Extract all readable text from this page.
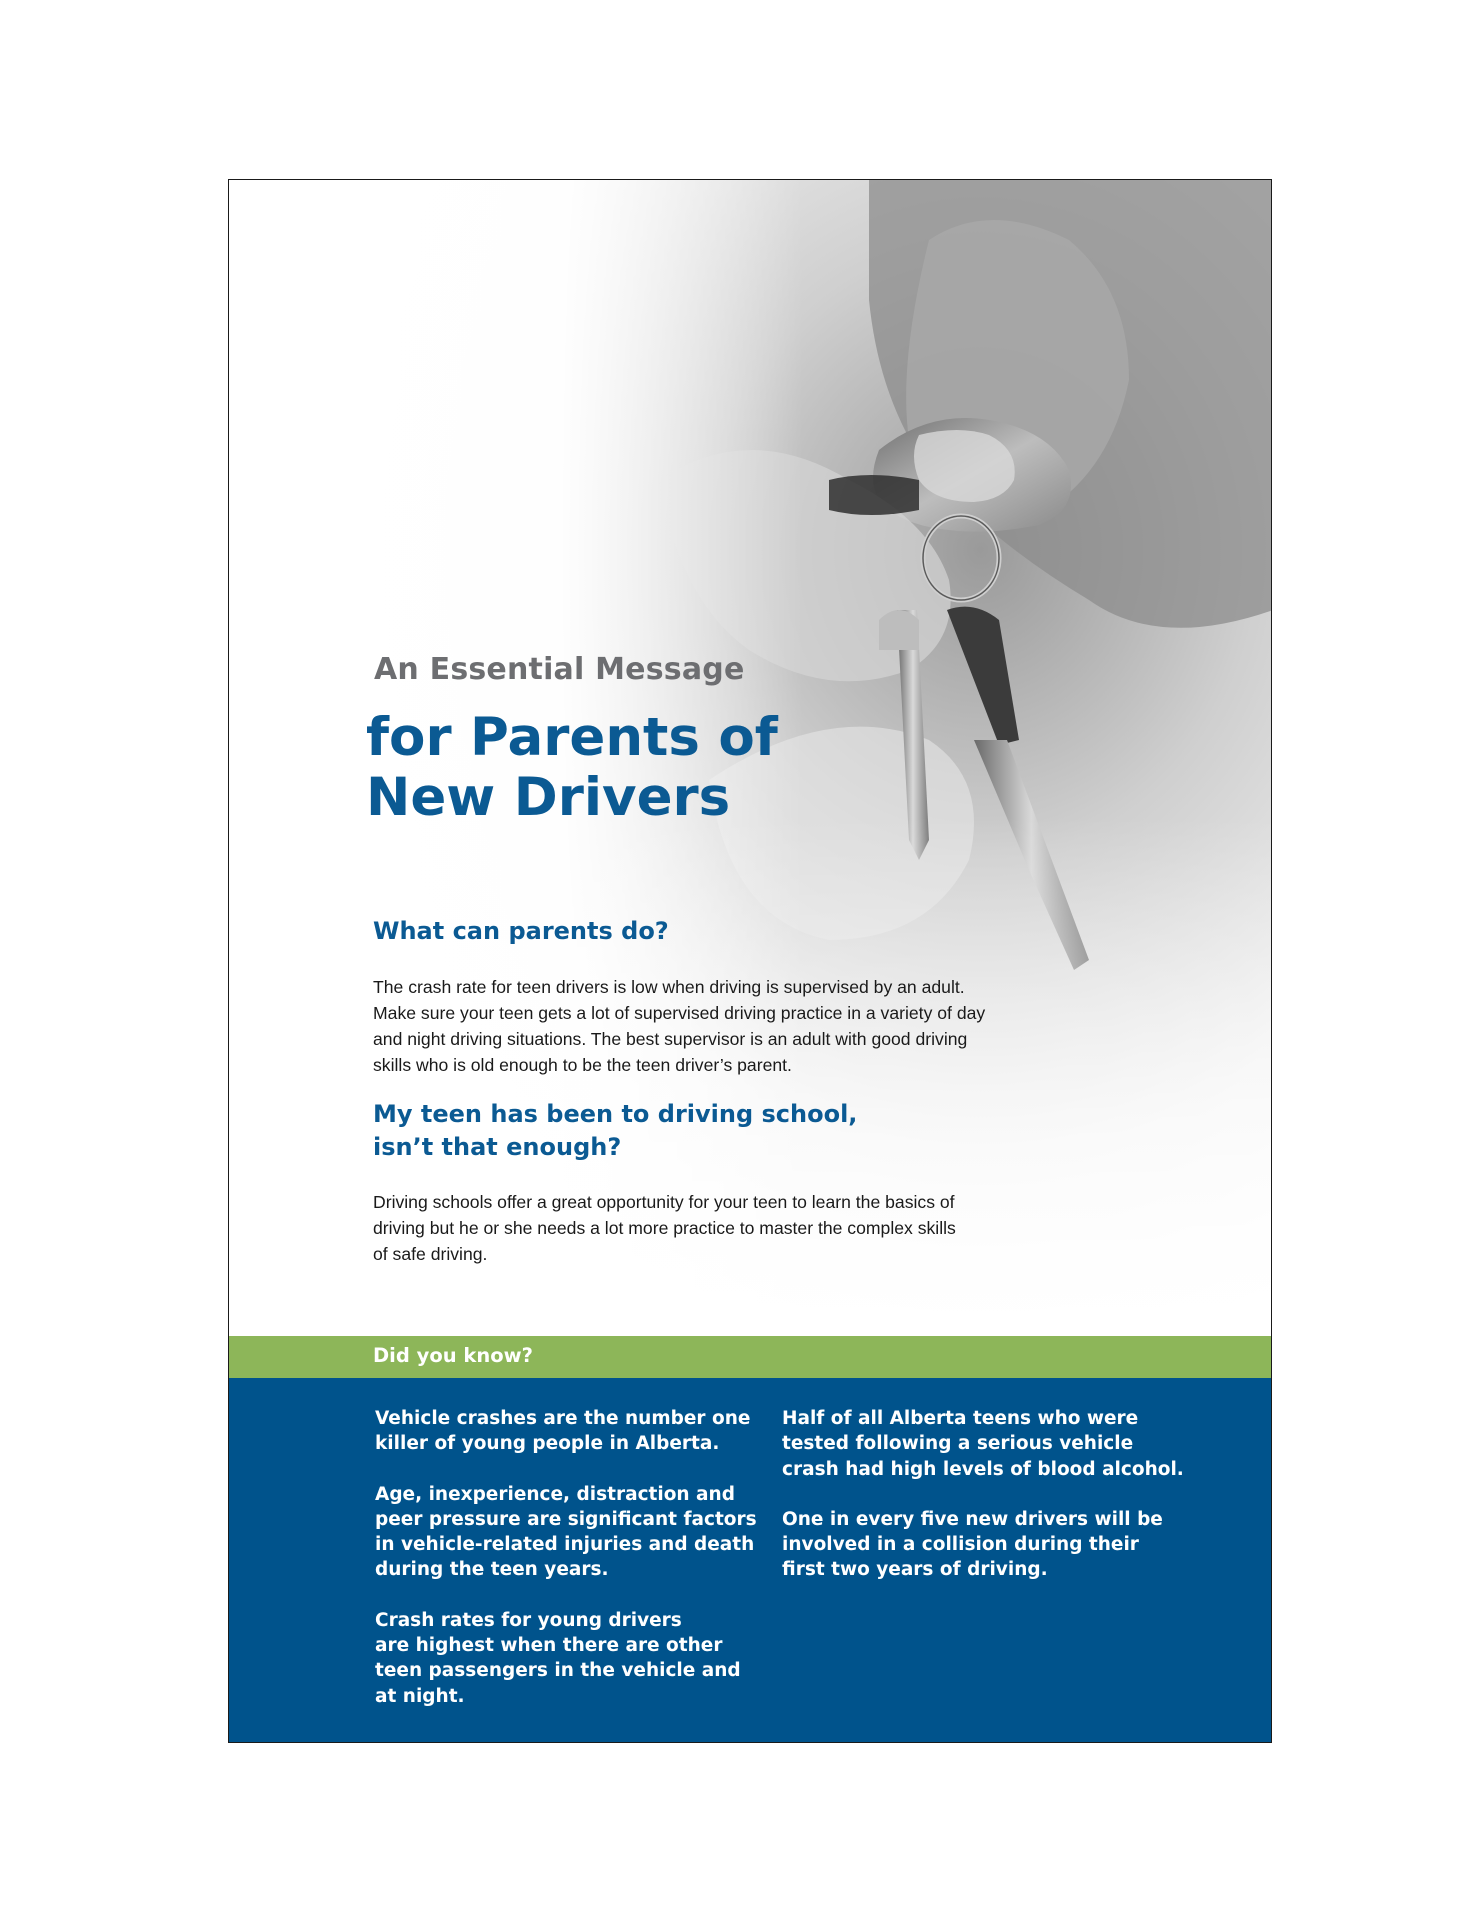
An Essential Message

for Parents of
New Drivers
What can parents do?

The crash rate for teen drivers is low when driving is supervised by an adult.
Make sure your teen gets a lot of supervised driving practice in a variety of day
and night driving situations. The best supervisor is an adult with good driving
skills who is old enough to be the teen driver’s parent.

My teen has been to driving school,
isn’t that enough?

Driving schools offer a great opportunity for your teen to learn the basics of
driving but he or she needs a lot more practice to master the complex skills
of safe driving.

Did you know?

Vehicle crashes are the number one
killer of young people in Alberta.

Age, inexperience, distraction and
peer pressure are significant factors
in vehicle-related injuries and death
during the teen years.

Crash rates for young drivers
are highest when there are other
teen passengers in the vehicle and
at night.

Half of all Alberta teens who were
tested following a serious vehicle
crash had high levels of blood alcohol.

One in every five new drivers will be
involved in a collision during their
first two years of driving.
